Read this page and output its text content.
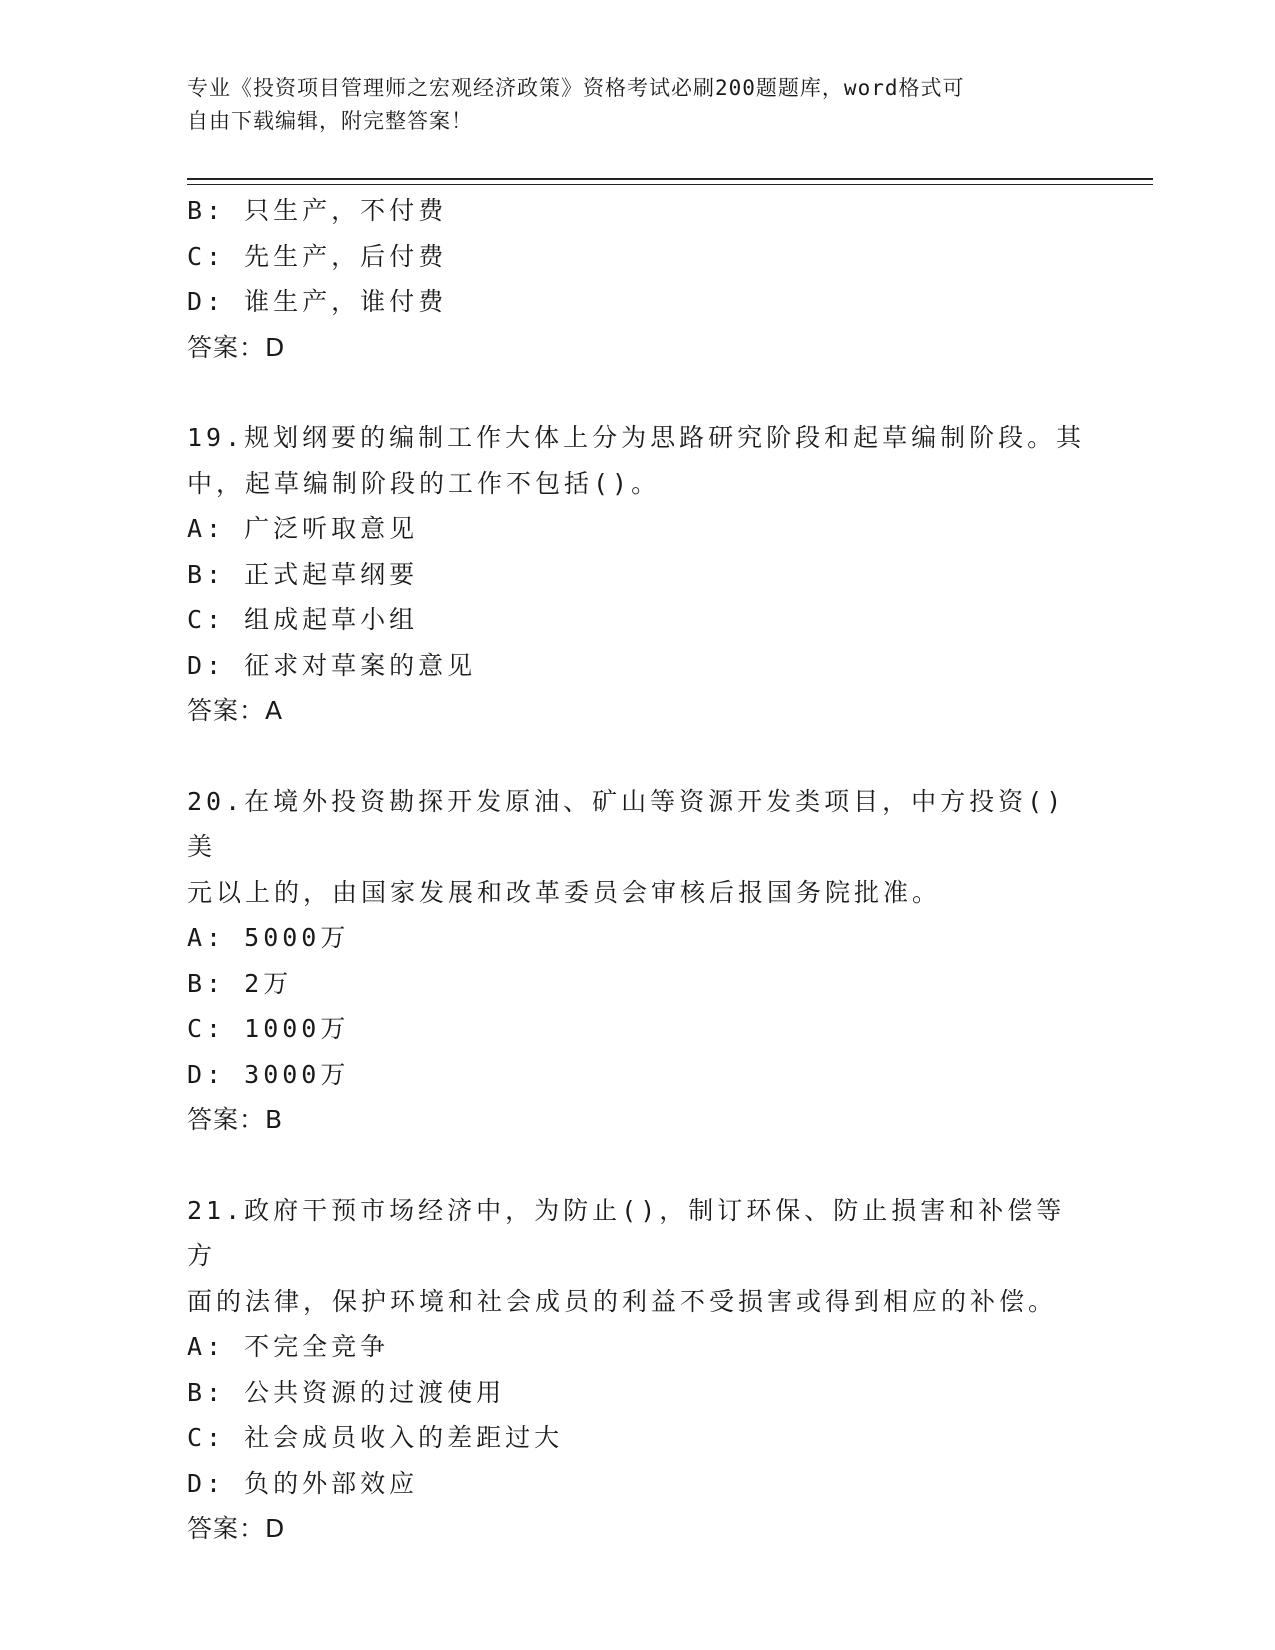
专业《投资项目管理师之宏观经济政策》资格考试必刷200题题库，word格式可
自由下载编辑，附完整答案！
B: 只生产，不付费
C: 先生产，后付费
D: 谁生产，谁付费
答案：D
19.规划纲要的编制工作大体上分为思路研究阶段和起草编制阶段。其
中，起草编制阶段的工作不包括()。
A: 广泛听取意见
B: 正式起草纲要
C: 组成起草小组
D: 征求对草案的意见
答案：A
20.在境外投资勘探开发原油、矿山等资源开发类项目，中方投资()美
元以上的，由国家发展和改革委员会审核后报国务院批准。
A: 5000万
B: 2万
C: 1000万
D: 3000万
答案：B
21.政府干预市场经济中，为防止()，制订环保、防止损害和补偿等方
面的法律，保护环境和社会成员的利益不受损害或得到相应的补偿。
A: 不完全竞争
B: 公共资源的过渡使用
C: 社会成员收入的差距过大
D: 负的外部效应
答案：D
